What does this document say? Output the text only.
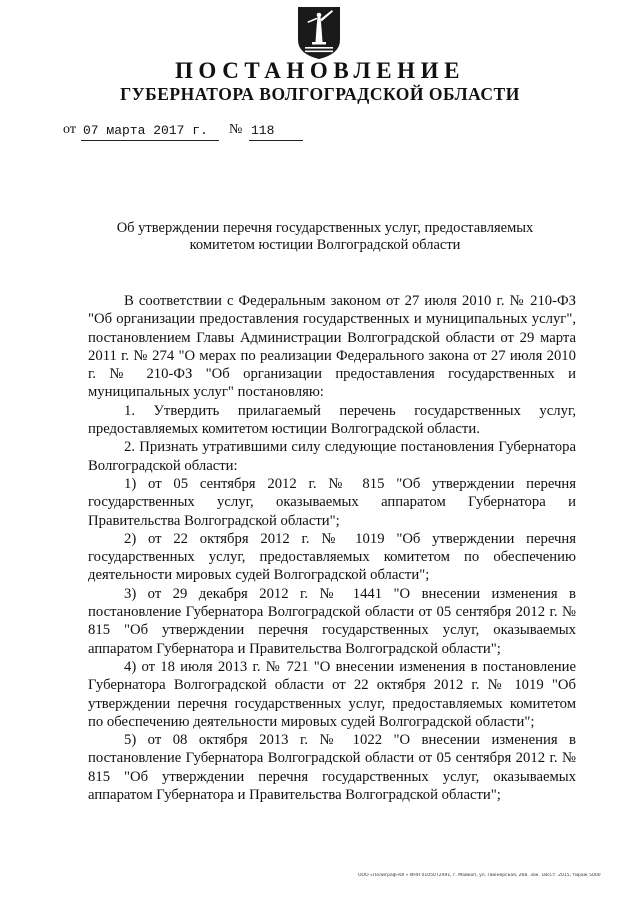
ПОСТАНОВЛЕНИЕ
ГУБЕРНАТОРА ВОЛГОГРАДСКОЙ ОБЛАСТИ
от 07 марта 2017 г.	№ 118
Об утверждении перечня государственных услуг, предоставляемых
комитетом юстиции Волгоградской области

В соответствии с Федеральным законом от 27 июля 2010 г. № 210-ФЗ "Об организации предоставления государственных и муниципальных услуг", постановлением Главы Администрации Волгоградской области от 29 марта 2011 г. № 274 "О мерах по реализации Федерального закона от 27 июля 2010 г. № 210-ФЗ "Об организации предоставления государственных и муниципальных услуг" постановляю:

1. Утвердить прилагаемый перечень государственных услуг, предоставляемых комитетом юстиции Волгоградской области.

2. Признать утратившими силу следующие постановления Губернатора Волгоградской области:

1) от 05 сентября 2012 г. № 815 "Об утверждении перечня государственных услуг, оказываемых аппаратом Губернатора и Правительства Волгоградской области";

2) от 22 октября 2012 г. № 1019 "Об утверждении перечня государственных услуг, предоставляемых комитетом по обеспечению деятельности мировых судей Волгоградской области";

3) от 29 декабря 2012 г. № 1441 "О внесении изменения в постановление Губернатора Волгоградской области от 05 сентября 2012 г. № 815 "Об утверждении перечня государственных услуг, оказываемых аппаратом Губернатора и Правительства Волгоградской области";

4) от 18 июля 2013 г. № 721 "О внесении изменения в постановление Губернатора Волгоградской области от 22 октября 2012 г. № 1019 "Об утверждении перечня государственных услуг, предоставляемых комитетом по обеспечению деятельности мировых судей Волгоградской области";

5) от 08 октября 2013 г. № 1022 "О внесении изменения в постановление Губернатора Волгоградской области от 05 сентября 2012 г. № 815 "Об утверждении перечня государственных услуг, оказываемых аппаратом Губернатора и Правительства Волгоградской области";

ООО «Полиграф-ЮГ» ИНН 0105072491, г. Майкоп, ул. Пионерская, 268. Зак. 18сСт. 2015, тираж 5000
